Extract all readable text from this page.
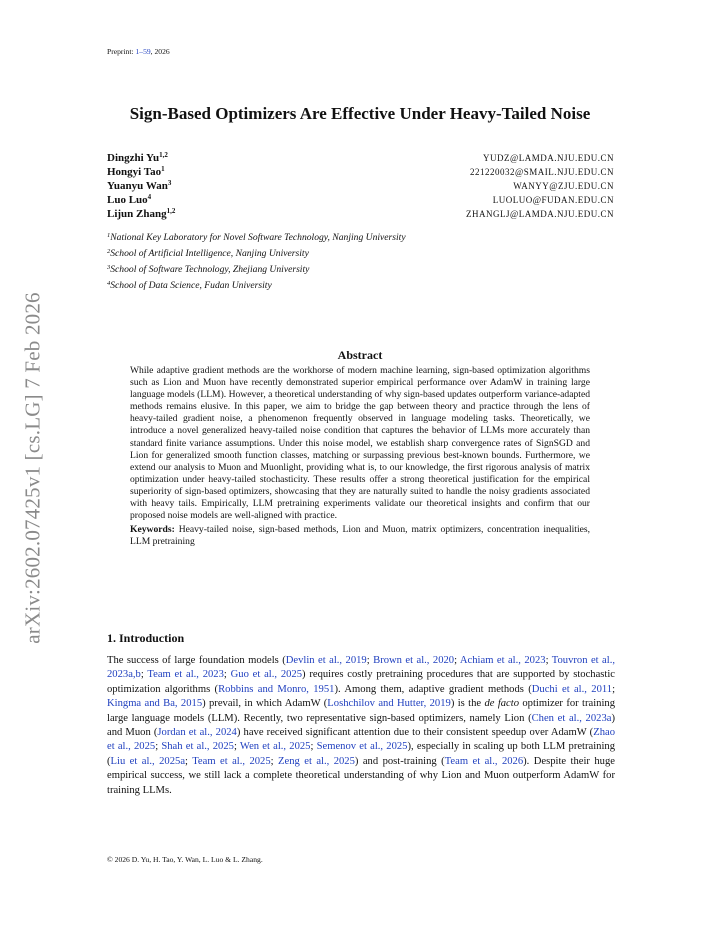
Preprint: 1–59, 2026
arXiv:2602.07425v1 [cs.LG] 7 Feb 2026
Sign-Based Optimizers Are Effective Under Heavy-Tailed Noise
Dingzhi Yu$^{1,2}$	YUDZ@LAMDA.NJU.EDU.CN
Hongyi Tao$^1$	221220032@SMAIL.NJU.EDU.CN
Yuanyu Wan$^3$	WANYY@ZJU.EDU.CN
Luo Luo$^4$	LUOLUO@FUDAN.EDU.CN
Lijun Zhang$^{1,2}$	ZHANGLJ@LAMDA.NJU.EDU.CN
$^1$National Key Laboratory for Novel Software Technology, Nanjing University
$^2$School of Artificial Intelligence, Nanjing University
$^3$School of Software Technology, Zhejiang University
$^4$School of Data Science, Fudan University
Abstract
While adaptive gradient methods are the workhorse of modern machine learning, sign-based optimization algorithms such as Lion and Muon have recently demonstrated superior empirical performance over AdamW in training large language models (LLM). However, a theoretical understanding of why sign-based updates outperform variance-adapted methods remains elusive. In this paper, we aim to bridge the gap between theory and practice through the lens of heavy-tailed gradient noise, a phenomenon frequently observed in language modeling tasks. Theoretically, we introduce a novel generalized heavy-tailed noise condition that captures the behavior of LLMs more accurately than standard finite variance assumptions. Under this noise model, we establish sharp convergence rates of SignSGD and Lion for generalized smooth function classes, matching or surpassing previous best-known bounds. Furthermore, we extend our analysis to Muon and Muonlight, providing what is, to our knowledge, the first rigorous analysis of matrix optimization under heavy-tailed stochasticity. These results offer a strong theoretical justification for the empirical superiority of sign-based optimizers, showcasing that they are naturally suited to handle the noisy gradients associated with heavy tails. Empirically, LLM pretraining experiments validate our theoretical insights and confirm that our proposed noise models are well-aligned with practice.
Keywords: Heavy-tailed noise, sign-based methods, Lion and Muon, matrix optimizers, concentration inequalities, LLM pretraining
1. Introduction
The success of large foundation models (Devlin et al., 2019; Brown et al., 2020; Achiam et al., 2023; Touvron et al., 2023a,b; Team et al., 2023; Guo et al., 2025) requires costly pretraining procedures that are supported by stochastic optimization algorithms (Robbins and Monro, 1951). Among them, adaptive gradient methods (Duchi et al., 2011; Kingma and Ba, 2015) prevail, in which AdamW (Loshchilov and Hutter, 2019) is the de facto optimizer for training large language models (LLM). Recently, two representative sign-based optimizers, namely Lion (Chen et al., 2023a) and Muon (Jordan et al., 2024) have received significant attention due to their consistent speedup over AdamW (Zhao et al., 2025; Shah et al., 2025; Wen et al., 2025; Semenov et al., 2025), especially in scaling up both LLM pretraining (Liu et al., 2025a; Team et al., 2025; Zeng et al., 2025) and post-training (Team et al., 2026). Despite their huge empirical success, we still lack a complete theoretical understanding of why Lion and Muon outperform AdamW for training LLMs.
© 2026 D. Yu, H. Tao, Y. Wan, L. Luo & L. Zhang.
